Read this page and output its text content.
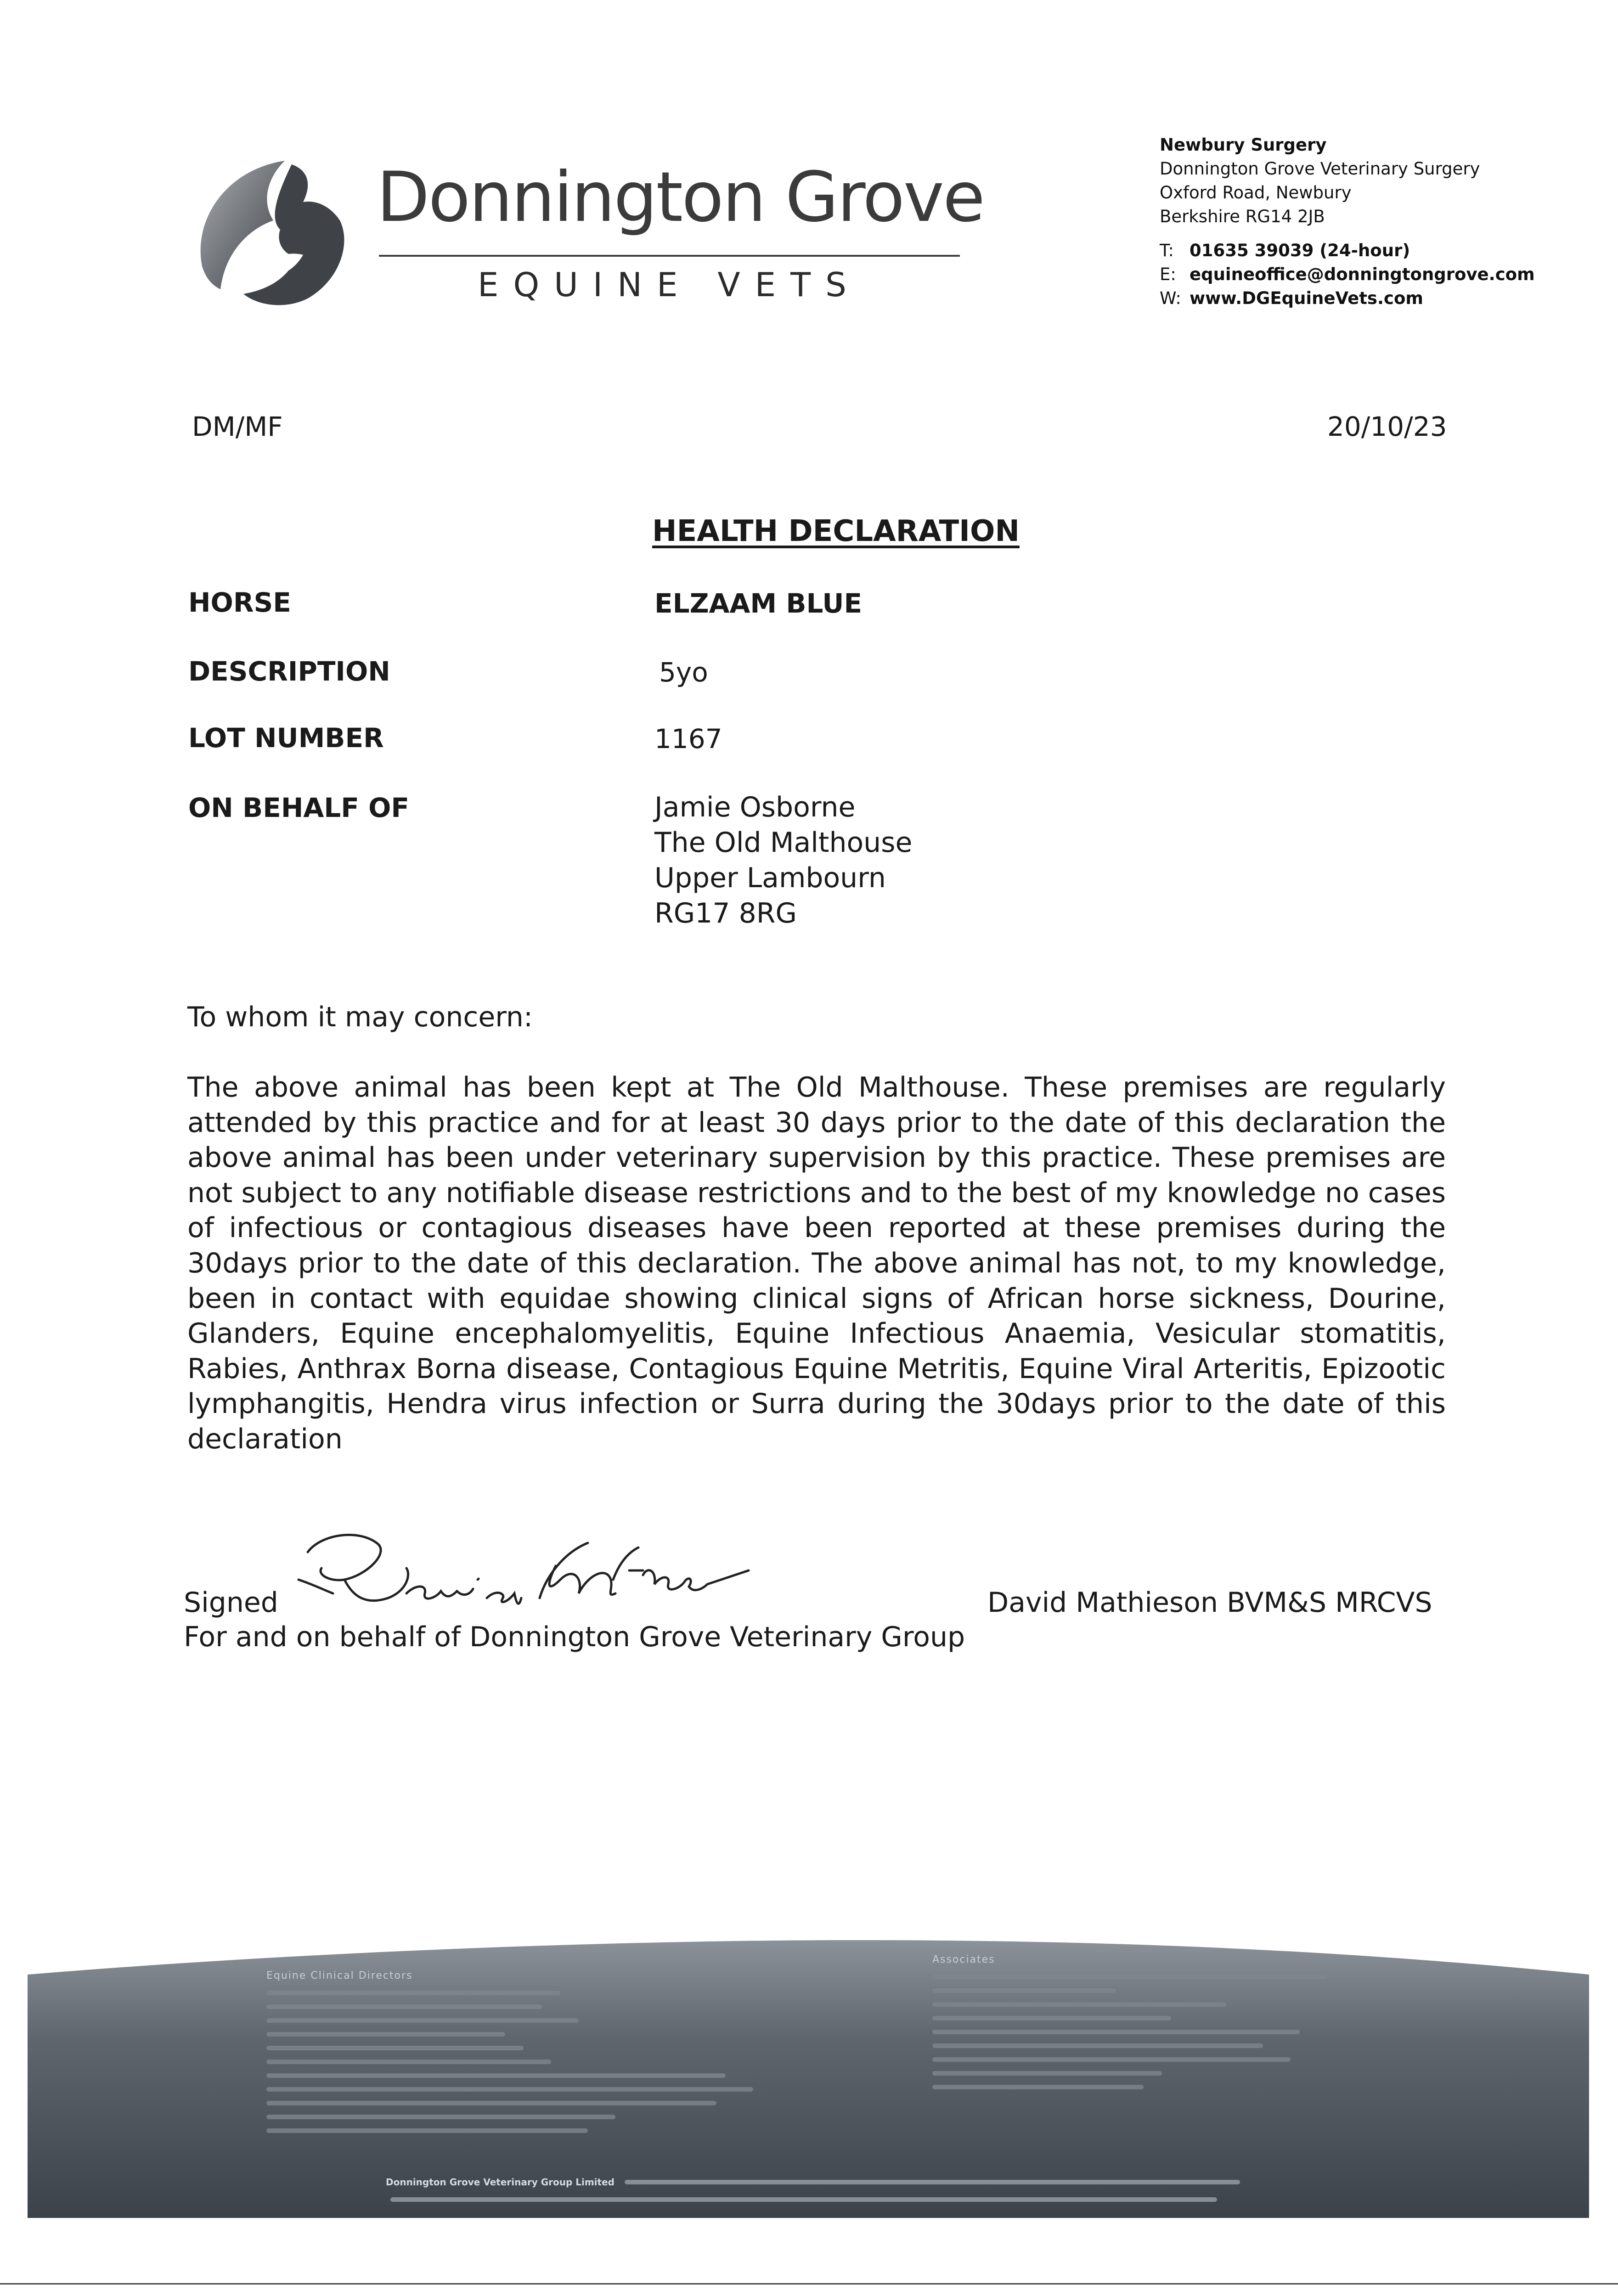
Donnington Grove
EQUINE VETS
Newbury Surgery
Donnington Grove Veterinary Surgery
Oxford Road, Newbury
Berkshire RG14 2JB
T: 01635 39039 (24-hour)
E: equineoffice@donningtongrove.com
W: www.DGEquineVets.com
DM/MF	20/10/23
HEALTH DECLARATION
HORSE	ELZAAM BLUE
DESCRIPTION	5yo
LOT NUMBER	1167
ON BEHALF OF	Jamie Osborne
The Old Malthouse
Upper Lambourn
RG17 8RG
To whom it may concern:
The above animal has been kept at The Old Malthouse. These premises are regularly attended by this practice and for at least 30 days prior to the date of this declaration the above animal has been under veterinary supervision by this practice. These premises are not subject to any notifiable disease restrictions and to the best of my knowledge no cases of infectious or contagious diseases have been reported at these premises during the 30days prior to the date of this declaration. The above animal has not, to my knowledge, been in contact with equidae showing clinical signs of African horse sickness, Dourine, Glanders, Equine encephalomyelitis, Equine Infectious Anaemia, Vesicular stomatitis, Rabies, Anthrax Borna disease, Contagious Equine Metritis, Equine Viral Arteritis, Epizootic lymphangitis, Hendra virus infection or Surra during the 30days prior to the date of this declaration
Signed	David Mathieson BVM&S MRCVS
For and on behalf of Donnington Grove Veterinary Group
Equine Clinical Directors
Associates
Donnington Grove Veterinary Group Limited
